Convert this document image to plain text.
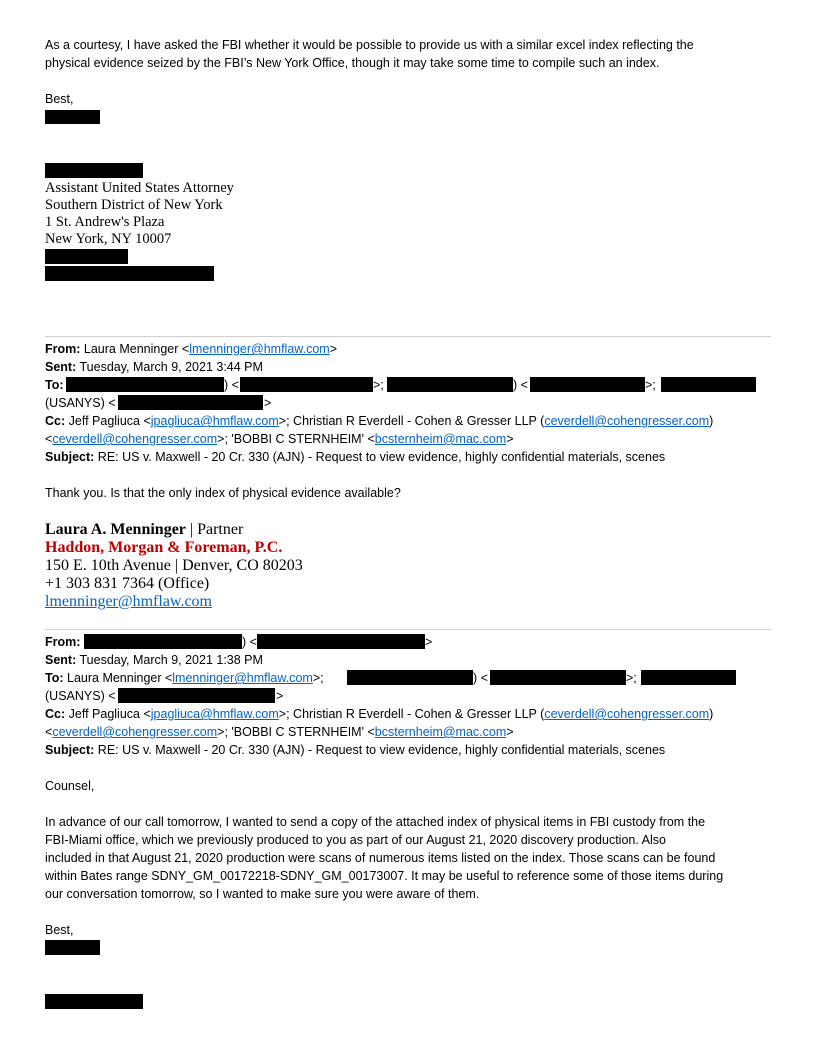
As a courtesy, I have asked the FBI whether it would be possible to provide us with a similar excel index reflecting the
physical evidence seized by the FBI’s New York Office, though it may take some time to compile such an index.
Best,
Assistant United States Attorney
Southern District of New York
1 St. Andrew's Plaza
New York, NY 10007
From: Laura Menninger <lmenninger@hmflaw.com>
Sent: Tuesday, March 9, 2021 3:44 PM
To:	) <	>;	) <	>;
(USANYS) <	>
Cc: Jeff Pagliuca <jpagliuca@hmflaw.com>; Christian R Everdell - Cohen & Gresser LLP (ceverdell@cohengresser.com)
<ceverdell@cohengresser.com>; 'BOBBI C STERNHEIM' <bcsternheim@mac.com>
Subject: RE: US v. Maxwell - 20 Cr. 330 (AJN) - Request to view evidence, highly confidential materials, scenes
Thank you. Is that the only index of physical evidence available?
Laura A. Menninger | Partner
Haddon, Morgan & Foreman, P.C.
150 E. 10th Avenue | Denver, CO 80203
+1 303 831 7364 (Office)
lmenninger@hmflaw.com
From:	) <	>
Sent: Tuesday, March 9, 2021 1:38 PM
To: Laura Menninger <lmenninger@hmflaw.com>;	) <	>;
(USANYS) <	>
Cc: Jeff Pagliuca <jpagliuca@hmflaw.com>; Christian R Everdell - Cohen & Gresser LLP (ceverdell@cohengresser.com)
<ceverdell@cohengresser.com>; 'BOBBI C STERNHEIM' <bcsternheim@mac.com>
Subject: RE: US v. Maxwell - 20 Cr. 330 (AJN) - Request to view evidence, highly confidential materials, scenes
Counsel,
In advance of our call tomorrow, I wanted to send a copy of the attached index of physical items in FBI custody from the
FBI-Miami office, which we previously produced to you as part of our August 21, 2020 discovery production. Also
included in that August 21, 2020 production were scans of numerous items listed on the index. Those scans can be found
within Bates range SDNY_GM_00172218-SDNY_GM_00173007. It may be useful to reference some of those items during
our conversation tomorrow, so I wanted to make sure you were aware of them.
Best,
